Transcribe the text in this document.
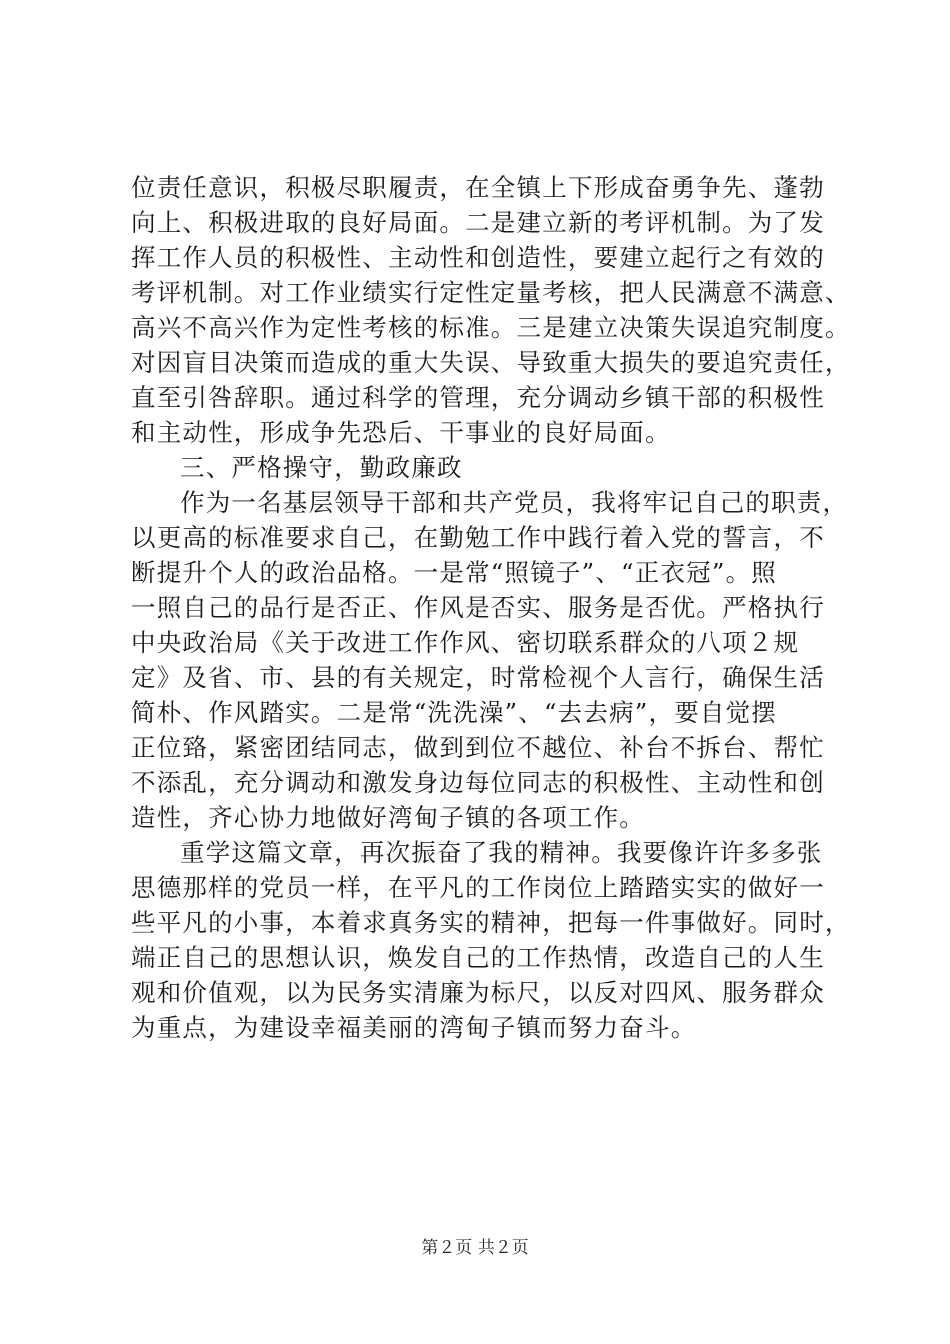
位责任意识，积极尽职履责，在全镇上下形成奋勇争先、蓬勃
向上、积极进取的良好局面。二是建立新的考评机制。为了发
挥工作人员的积极性、主动性和创造性，要建立起行之有效的
考评机制。对工作业绩实行定性定量考核，把人民满意不满意、
高兴不高兴作为定性考核的标准。三是建立决策失误追究制度。
对因盲目决策而造成的重大失误、导致重大损失的要追究责任，
直至引咎辞职。通过科学的管理，充分调动乡镇干部的积极性
和主动性，形成争先恐后、干事业的良好局面。
三、严格操守，勤政廉政
作为一名基层领导干部和共产党员，我将牢记自己的职责，
以更高的标准要求自己，在勤勉工作中践行着入党的誓言，不
断提升个人的政治品格。一是常“照镜子”、“正衣冠”。照
一照自己的品行是否正、作风是否实、服务是否优。严格执行
中央政治局《关于改进工作作风、密切联系群众的八项２规
定》及省、市、县的有关规定，时常检视个人言行，确保生活
简朴、作风踏实。二是常“洗洗澡”、“去去病”，要自觉摆
正位臵，紧密团结同志，做到到位不越位、补台不拆台、帮忙
不添乱，充分调动和激发身边每位同志的积极性、主动性和创
造性，齐心协力地做好湾甸子镇的各项工作。
重学这篇文章，再次振奋了我的精神。我要像许许多多张
思德那样的党员一样，在平凡的工作岗位上踏踏实实的做好一
些平凡的小事，本着求真务实的精神，把每一件事做好。同时，
端正自己的思想认识，焕发自己的工作热情，改造自己的人生
观和价值观，以为民务实清廉为标尺，以反对四风、服务群众
为重点，为建设幸福美丽的湾甸子镇而努力奋斗。
第２页 共２页
